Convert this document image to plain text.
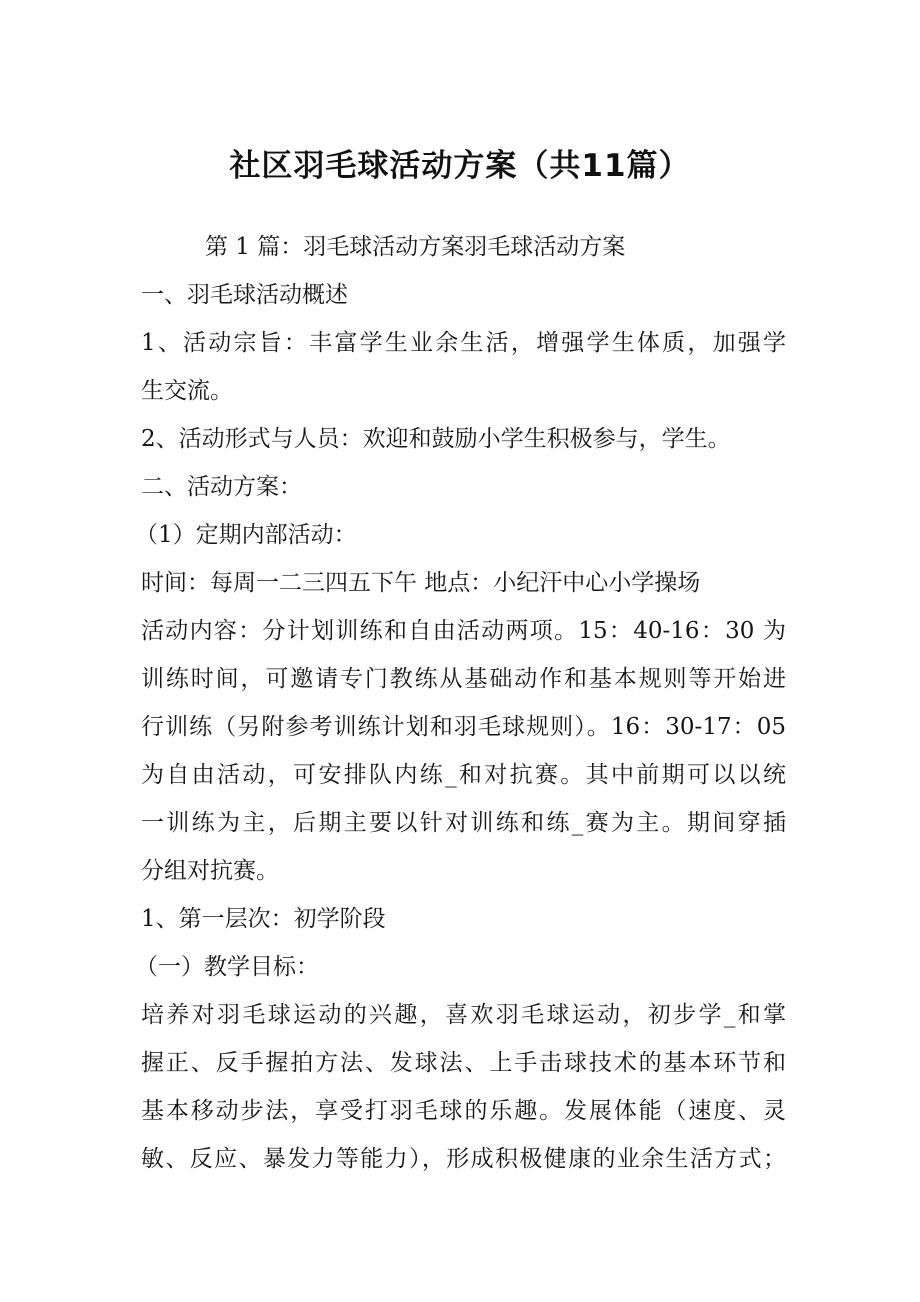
社区羽毛球活动方案（共11篇）
第 1 篇：羽毛球活动方案羽毛球活动方案
一、羽毛球活动概述
1、活动宗旨：丰富学生业余生活，增强学生体质，加强学
生交流。
2、活动形式与人员：欢迎和鼓励小学生积极参与，学生。
二、活动方案：
（1）定期内部活动：
时间：每周一二三四五下午 地点：小纪汗中心小学操场
活动内容：分计划训练和自由活动两项。15：40-16：30 为
训练时间，可邀请专门教练从基础动作和基本规则等开始进
行训练（另附参考训练计划和羽毛球规则）。16：30-17：05
为自由活动，可安排队内练_和对抗赛。其中前期可以以统
一训练为主，后期主要以针对训练和练_赛为主。期间穿插
分组对抗赛。
1、第一层次：初学阶段
（一）教学目标：
培养对羽毛球运动的兴趣，喜欢羽毛球运动，初步学_和掌
握正、反手握拍方法、发球法、上手击球技术的基本环节和
基本移动步法，享受打羽毛球的乐趣。发展体能（速度、灵
敏、反应、暴发力等能力），形成积极健康的业余生活方式；
